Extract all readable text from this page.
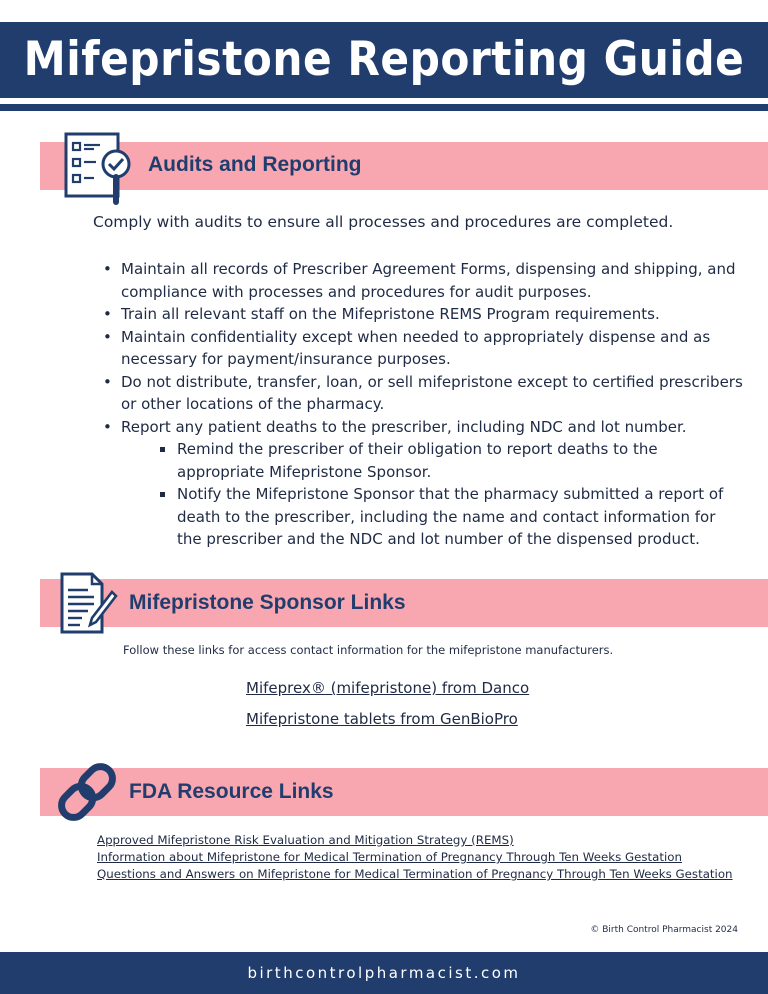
Mifepristone Reporting Guide
Audits and Reporting
Comply with audits to ensure all processes and procedures are completed.
• Maintain all records of Prescriber Agreement Forms, dispensing and shipping, and compliance with processes and procedures for audit purposes.
• Train all relevant staff on the Mifepristone REMS Program requirements.
• Maintain confidentiality except when needed to appropriately dispense and as necessary for payment/insurance purposes.
• Do not distribute, transfer, loan, or sell mifepristone except to certified prescribers or other locations of the pharmacy.
• Report any patient deaths to the prescriber, including NDC and lot number.
Remind the prescriber of their obligation to report deaths to the appropriate Mifepristone Sponsor.
Notify the Mifepristone Sponsor that the pharmacy submitted a report of death to the prescriber, including the name and contact information for the prescriber and the NDC and lot number of the dispensed product.
Mifepristone Sponsor Links
Follow these links for access contact information for the mifepristone manufacturers.
Mifeprex® (mifepristone) from Danco
Mifepristone tablets from GenBioPro
FDA Resource Links
Approved Mifepristone Risk Evaluation and Mitigation Strategy (REMS)
Information about Mifepristone for Medical Termination of Pregnancy Through Ten Weeks Gestation
Questions and Answers on Mifepristone for Medical Termination of Pregnancy Through Ten Weeks Gestation
© Birth Control Pharmacist 2024
birthcontrolpharmacist.com
